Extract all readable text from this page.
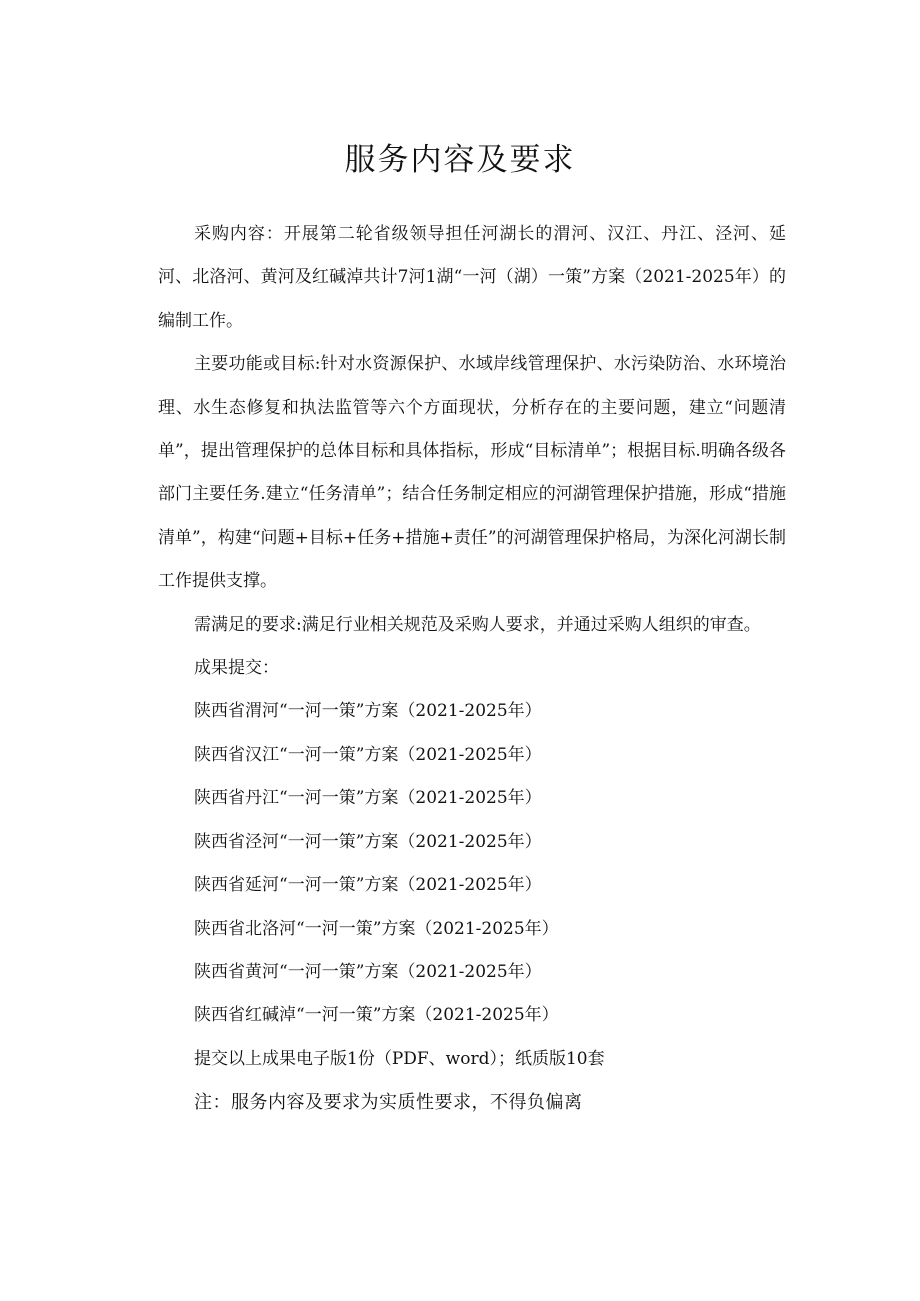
服务内容及要求

采购内容：开展第二轮省级领导担任河湖长的渭河、汉江、丹江、泾河、延河、北洛河、黄河及红碱淖共计7河1湖“一河（湖）一策”方案（2021-2025年）的编制工作。

主要功能或目标:针对水资源保护、水域岸线管理保护、水污染防治、水环境治理、水生态修复和执法监管等六个方面现状，分析存在的主要问题，建立“问题清单”，提出管理保护的总体目标和具体指标，形成“目标清单”；根据目标.明确各级各部门主要任务.建立“任务清单”；结合任务制定相应的河湖管理保护措施，形成“措施清单”，构建“问题+目标+任务+措施+责任”的河湖管理保护格局，为深化河湖长制工作提供支撑。

需满足的要求:满足行业相关规范及采购人要求，并通过采购人组织的审查。

成果提交：

陕西省渭河“一河一策”方案（2021-2025年）

陕西省汉江“一河一策”方案（2021-2025年）

陕西省丹江“一河一策”方案（2021-2025年）

陕西省泾河“一河一策”方案（2021-2025年）

陕西省延河“一河一策”方案（2021-2025年）

陕西省北洛河“一河一策”方案（2021-2025年）

陕西省黄河“一河一策”方案（2021-2025年）

陕西省红碱淖“一河一策”方案（2021-2025年）

提交以上成果电子版1份（PDF、word）；纸质版10套

注：服务内容及要求为实质性要求，不得负偏离
